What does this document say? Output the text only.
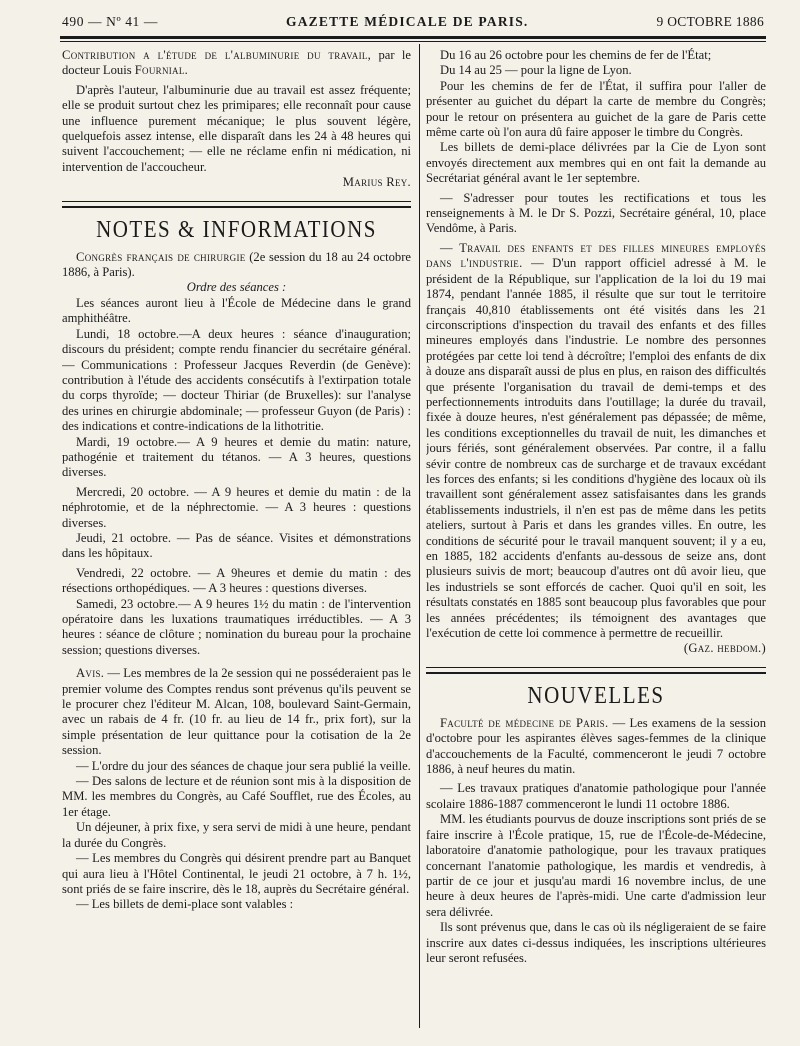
490 — Nº 41 —	GAZETTE MÉDICALE DE PARIS.	9 OCTOBRE 1886

Contribution a l'étude de l'albuminurie du travail, par le docteur Louis Fournial.

D'après l'auteur, l'albuminurie due au travail est assez fréquente; elle se produit surtout chez les primipares; elle reconnaît pour cause une influence purement mécanique; le plus souvent légère, quelquefois assez intense, elle disparaît dans les 24 à 48 heures qui suivent l'accouchement; — elle ne réclame enfin ni médication, ni intervention de l'accoucheur.

Marius Rey.

NOTES & INFORMATIONS

Congrès français de chirurgie (2e session du 18 au 24 octobre 1886, à Paris).

Ordre des séances :

Les séances auront lieu à l'École de Médecine dans le grand amphithéâtre.

Lundi, 18 octobre.—A deux heures : séance d'inauguration; discours du président; compte rendu financier du secrétaire général. — Communications : Professeur Jacques Reverdin (de Genève): contribution à l'étude des accidents consécutifs à l'extirpation totale du corps thyroïde; — docteur Thiriar (de Bruxelles): sur l'analyse des urines en chirurgie abdominale; — professeur Guyon (de Paris) : des indications et contre-indications de la lithotritie.

Mardi, 19 octobre.— A 9 heures et demie du matin: nature, pathogénie et traitement du tétanos. — A 3 heures, questions diverses.

Mercredi, 20 octobre. — A 9 heures et demie du matin : de la néphrotomie, et de la néphrectomie. — A 3 heures : questions diverses.

Jeudi, 21 octobre. — Pas de séance. Visites et démonstrations dans les hôpitaux.

Vendredi, 22 octobre. — A 9heures et demie du matin : des résections orthopédiques. — A 3 heures : questions diverses.

Samedi, 23 octobre.— A 9 heures 1½ du matin : de l'intervention opératoire dans les luxations traumatiques irréductibles. — A 3 heures : séance de clôture ; nomination du bureau pour la prochaine session; questions diverses.

Avis. — Les membres de la 2e session qui ne posséderaient pas le premier volume des Comptes rendus sont prévenus qu'ils peuvent se le procurer chez l'éditeur M. Alcan, 108, boulevard Saint-Germain, avec un rabais de 4 fr. (10 fr. au lieu de 14 fr., prix fort), sur la simple présentation de leur quittance pour la cotisation de la 2e session.

— L'ordre du jour des séances de chaque jour sera publié la veille.

— Des salons de lecture et de réunion sont mis à la disposition de MM. les membres du Congrès, au Café Soufflet, rue des Écoles, au 1er étage.

Un déjeuner, à prix fixe, y sera servi de midi à une heure, pendant la durée du Congrès.

— Les membres du Congrès qui désirent prendre part au Banquet qui aura lieu à l'Hôtel Continental, le jeudi 21 octobre, à 7 h. 1½, sont priés de se faire inscrire, dès le 18, auprès du Secrétaire général.

— Les billets de demi-place sont valables :

Du 16 au 26 octobre pour les chemins de fer de l'État;

Du 14 au 25 — pour la ligne de Lyon.

Pour les chemins de fer de l'État, il suffira pour l'aller de présenter au guichet du départ la carte de membre du Congrès; pour le retour on présentera au guichet de la gare de Paris cette même carte où l'on aura dû faire apposer le timbre du Congrès.

Les billets de demi-place délivrées par la Cie de Lyon sont envoyés directement aux membres qui en ont fait la demande au Secrétariat général avant le 1er septembre.

— S'adresser pour toutes les rectifications et tous les renseignements à M. le Dr S. Pozzi, Secrétaire général, 10, place Vendôme, à Paris.

— Travail des enfants et des filles mineures employés dans l'industrie. — D'un rapport officiel adressé à M. le président de la République, sur l'application de la loi du 19 mai 1874, pendant l'année 1885, il résulte que sur tout le territoire français 40,810 établissements ont été visités dans les 21 circonscriptions d'inspection du travail des enfants et des filles mineures employés dans l'industrie. Le nombre des personnes protégées par cette loi tend à décroître; l'emploi des enfants de dix à douze ans disparaît aussi de plus en plus, en raison des difficultés que présente l'organisation du travail de demi-temps et des perfectionnements introduits dans l'outillage; la durée du travail, fixée à douze heures, n'est généralement pas dépassée; de même, les conditions exceptionnelles du travail de nuit, les dimanches et jours fériés, sont généralement observées. Par contre, il a fallu sévir contre de nombreux cas de surcharge et de travaux excédant les forces des enfants; si les conditions d'hygiène des locaux où ils travaillent sont généralement assez satisfaisantes dans les grands établissements industriels, il n'en est pas de même dans les petits ateliers, surtout à Paris et dans les grandes villes. En outre, les conditions de sécurité pour le travail manquent souvent; il y a eu, en 1885, 182 accidents d'enfants au-dessous de seize ans, dont plusieurs suivis de mort; beaucoup d'autres ont dû avoir lieu, que les industriels se sont efforcés de cacher. Quoi qu'il en soit, les résultats constatés en 1885 sont beaucoup plus favorables que pour les années précédentes; ils témoignent des avantages que l'exécution de cette loi commence à permettre de recueillir.

(Gaz. hebdom.)

NOUVELLES

Faculté de médecine de Paris. — Les examens de la session d'octobre pour les aspirantes élèves sages-femmes de la clinique d'accouchements de la Faculté, commenceront le jeudi 7 octobre 1886, à neuf heures du matin.

— Les travaux pratiques d'anatomie pathologique pour l'année scolaire 1886-1887 commenceront le lundi 11 octobre 1886.

MM. les étudiants pourvus de douze inscriptions sont priés de se faire inscrire à l'École pratique, 15, rue de l'École-de-Médecine, laboratoire d'anatomie pathologique, pour les travaux pratiques concernant l'anatomie pathologique, les mardis et vendredis, à partir de ce jour et jusqu'au mardi 16 novembre inclus, de une heure à deux heures de l'après-midi. Une carte d'admission leur sera délivrée.

Ils sont prévenus que, dans le cas où ils négligeraient de se faire inscrire aux dates ci-dessus indiquées, les inscriptions ultérieures leur seront refusées.
